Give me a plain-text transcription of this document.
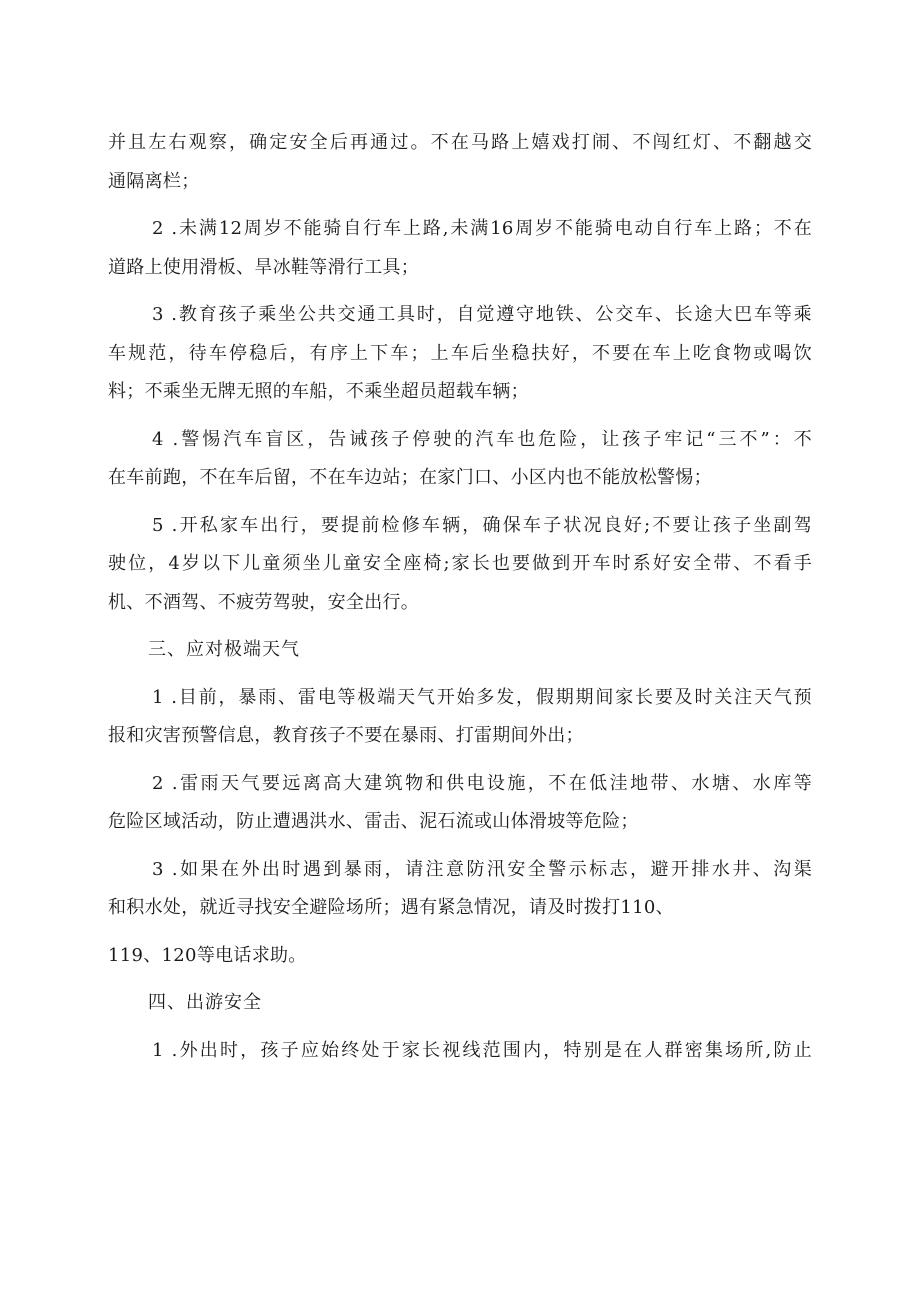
并且左右观察，确定安全后再通过。不在马路上嬉戏打闹、不闯红灯、不翻越交
通隔离栏；
2 .未满12周岁不能骑自行车上路,未满16周岁不能骑电动自行车上路；不在
道路上使用滑板、旱冰鞋等滑行工具；
3 .教育孩子乘坐公共交通工具时，自觉遵守地铁、公交车、长途大巴车等乘
车规范，待车停稳后，有序上下车；上车后坐稳扶好，不要在车上吃食物或喝饮
料；不乘坐无牌无照的车船，不乘坐超员超载车辆；
4 .警惕汽车盲区，告诫孩子停驶的汽车也危险，让孩子牢记“三不”：不
在车前跑，不在车后留，不在车边站；在家门口、小区内也不能放松警惕；
5 .开私家车出行，要提前检修车辆，确保车子状况良好;不要让孩子坐副驾
驶位，4岁以下儿童须坐儿童安全座椅;家长也要做到开车时系好安全带、不看手
机、不酒驾、不疲劳驾驶，安全出行。
三、应对极端天气
1 .目前，暴雨、雷电等极端天气开始多发，假期期间家长要及时关注天气预
报和灾害预警信息，教育孩子不要在暴雨、打雷期间外出；
2 .雷雨天气要远离高大建筑物和供电设施，不在低洼地带、水塘、水库等
危险区域活动，防止遭遇洪水、雷击、泥石流或山体滑坡等危险；
3 .如果在外出时遇到暴雨，请注意防汛安全警示标志，避开排水井、沟渠
和积水处，就近寻找安全避险场所；遇有紧急情况，请及时拨打110、
119、120等电话求助。
四、出游安全
1 .外出时，孩子应始终处于家长视线范围内，特别是在人群密集场所,防止
